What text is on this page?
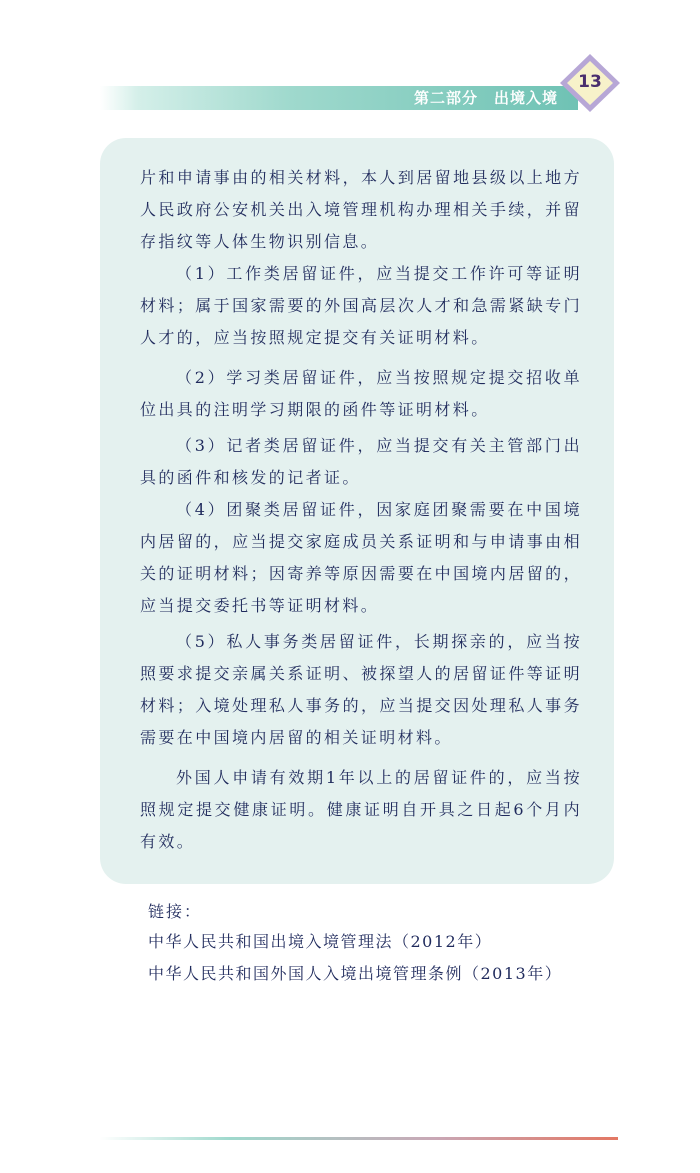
第二部分　出境入境
13

片和申请事由的相关材料，本人到居留地县级以上地方人民政府公安机关出入境管理机构办理相关手续，并留存指纹等人体生物识别信息。

（1）工作类居留证件，应当提交工作许可等证明材料；属于国家需要的外国高层次人才和急需紧缺专门人才的，应当按照规定提交有关证明材料。

（2）学习类居留证件，应当按照规定提交招收单位出具的注明学习期限的函件等证明材料。

（3）记者类居留证件，应当提交有关主管部门出具的函件和核发的记者证。

（4）团聚类居留证件，因家庭团聚需要在中国境内居留的，应当提交家庭成员关系证明和与申请事由相关的证明材料；因寄养等原因需要在中国境内居留的，应当提交委托书等证明材料。

（5）私人事务类居留证件，长期探亲的，应当按照要求提交亲属关系证明、被探望人的居留证件等证明材料；入境处理私人事务的，应当提交因处理私人事务需要在中国境内居留的相关证明材料。

外国人申请有效期1年以上的居留证件的，应当按照规定提交健康证明。健康证明自开具之日起6个月内有效。

链接：

中华人民共和国出境入境管理法（2012年）

中华人民共和国外国人入境出境管理条例（2013年）
